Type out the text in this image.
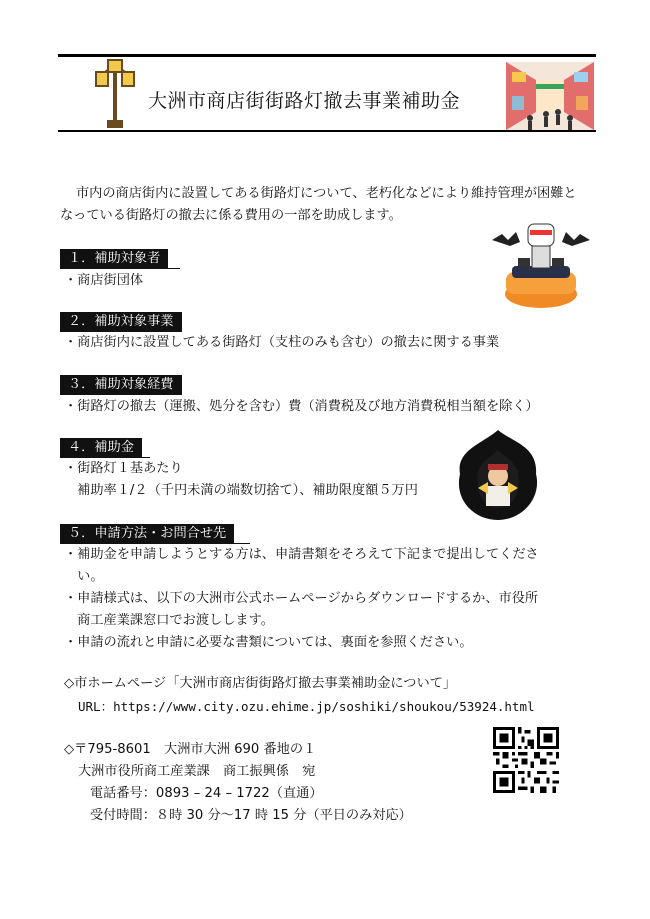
大洲市商店街街路灯撤去事業補助金
市内の商店街内に設置してある街路灯について、老朽化などにより維持管理が困難となっている街路灯の撤去に係る費用の一部を助成します。
１．補助対象者
・商店街団体
２．補助対象事業
・商店街内に設置してある街路灯（支柱のみも含む）の撤去に関する事業
３．補助対象経費
・街路灯の撤去（運搬、処分を含む）費（消費税及び地方消費税相当額を除く）
４．補助金
・街路灯１基あたり
　補助率１/２（千円未満の端数切捨て）、補助限度額５万円
５．申請方法・お問合せ先
・補助金を申請しようとする方は、申請書類をそろえて下記まで提出してくださ
　い。
・申請様式は、以下の大洲市公式ホームページからダウンロードするか、市役所
　商工産業課窓口でお渡しします。
・申請の流れと申請に必要な書類については、裏面を参照ください。
◇市ホームページ「大洲市商店街街路灯撤去事業補助金について」
URL：https://www.city.ozu.ehime.jp/soshiki/shoukou/53924.html
◇〒795-8601　大洲市大洲 690 番地の１
大洲市役所商工産業課　商工振興係　宛
電話番号：0893 – 24 – 1722（直通）
受付時間：８時 30 分～17 時 15 分（平日のみ対応）
